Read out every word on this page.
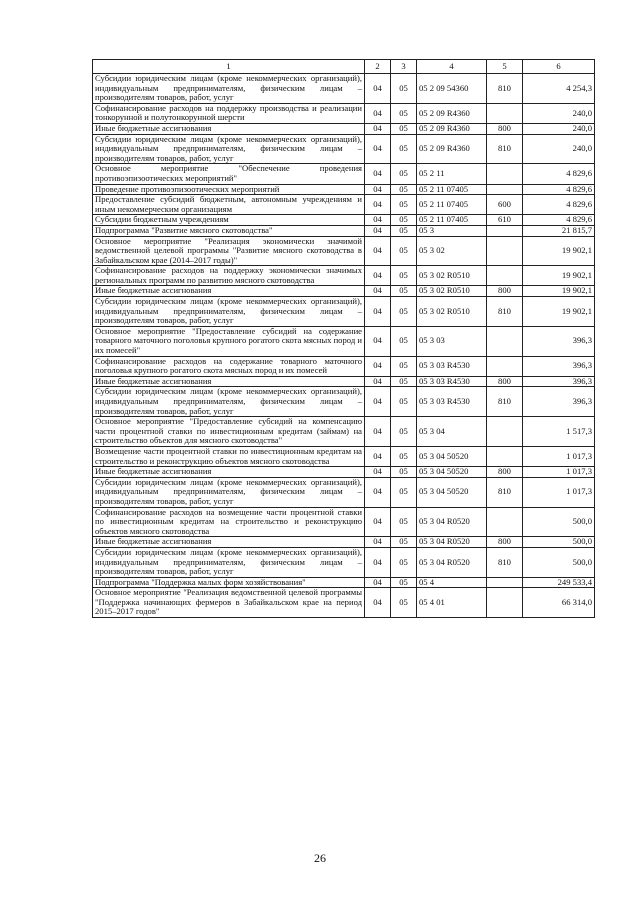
1	2	3	4	5	6
Субсидии юридическим лицам (кроме некоммерческих организаций), индивидуальным предпринимателям, физическим лицам – производителям товаров, работ, услуг	04	05	05 2 09 54360	810	4 254,3
Софинансирование расходов на поддержку производства и реализации тонкорунной и полутонкорунной шерсти	04	05	05 2 09 R4360		240,0
Иные бюджетные ассигнования	04	05	05 2 09 R4360	800	240,0
Субсидии юридическим лицам (кроме некоммерческих организаций), индивидуальным предпринимателям, физическим лицам – производителям товаров, работ, услуг	04	05	05 2 09 R4360	810	240,0
Основное мероприятие "Обеспечение проведения противоэпизоотических мероприятий"	04	05	05 2 11		4 829,6
Проведение противоэпизоотических мероприятий	04	05	05 2 11 07405		4 829,6
Предоставление субсидий бюджетным, автономным учреждениям и иным некоммерческим организациям	04	05	05 2 11 07405	600	4 829,6
Субсидии бюджетным учреждениям	04	05	05 2 11 07405	610	4 829,6
Подпрограмма "Развитие мясного скотоводства"	04	05	05 3		21 815,7
Основное мероприятие "Реализация экономически значимой ведомственной целевой программы "Развитие мясного скотоводства в Забайкальском крае (2014–2017 годы)"	04	05	05 3 02		19 902,1
Софинансирование расходов на поддержку экономически значимых региональных программ по развитию мясного скотоводства	04	05	05 3 02 R0510		19 902,1
Иные бюджетные ассигнования	04	05	05 3 02 R0510	800	19 902,1
Субсидии юридическим лицам (кроме некоммерческих организаций), индивидуальным предпринимателям, физическим лицам – производителям товаров, работ, услуг	04	05	05 3 02 R0510	810	19 902,1
Основное мероприятие "Предоставление субсидий на содержание товарного маточного поголовья крупного рогатого скота мясных пород и их помесей"	04	05	05 3 03		396,3
Софинансирование расходов на содержание товарного маточного поголовья крупного рогатого скота мясных пород и их помесей	04	05	05 3 03 R4530		396,3
Иные бюджетные ассигнования	04	05	05 3 03 R4530	800	396,3
Субсидии юридическим лицам (кроме некоммерческих организаций), индивидуальным предпринимателям, физическим лицам – производителям товаров, работ, услуг	04	05	05 3 03 R4530	810	396,3
Основное мероприятие "Предоставление субсидий на компенсацию части процентной ставки по инвестиционным кредитам (займам) на строительство объектов для мясного скотоводства"	04	05	05 3 04		1 517,3
Возмещение части процентной ставки по инвестиционным кредитам на строительство и реконструкцию объектов мясного скотоводства	04	05	05 3 04 50520		1 017,3
Иные бюджетные ассигнования	04	05	05 3 04 50520	800	1 017,3
Субсидии юридическим лицам (кроме некоммерческих организаций), индивидуальным предпринимателям, физическим лицам – производителям товаров, работ, услуг	04	05	05 3 04 50520	810	1 017,3
Софинансирование расходов на возмещение части процентной ставки по инвестиционным кредитам на строительство и реконструкцию объектов мясного скотоводства	04	05	05 3 04 R0520		500,0
Иные бюджетные ассигнования	04	05	05 3 04 R0520	800	500,0
Субсидии юридическим лицам (кроме некоммерческих организаций), индивидуальным предпринимателям, физическим лицам – производителям товаров, работ, услуг	04	05	05 3 04 R0520	810	500,0
Подпрограмма "Поддержка малых форм хозяйствования"	04	05	05 4		249 533,4
Основное мероприятие "Реализация ведомственной целевой программы "Поддержка начинающих фермеров в Забайкальском крае на период 2015–2017 годов"	04	05	05 4 01		66 314,0
26
